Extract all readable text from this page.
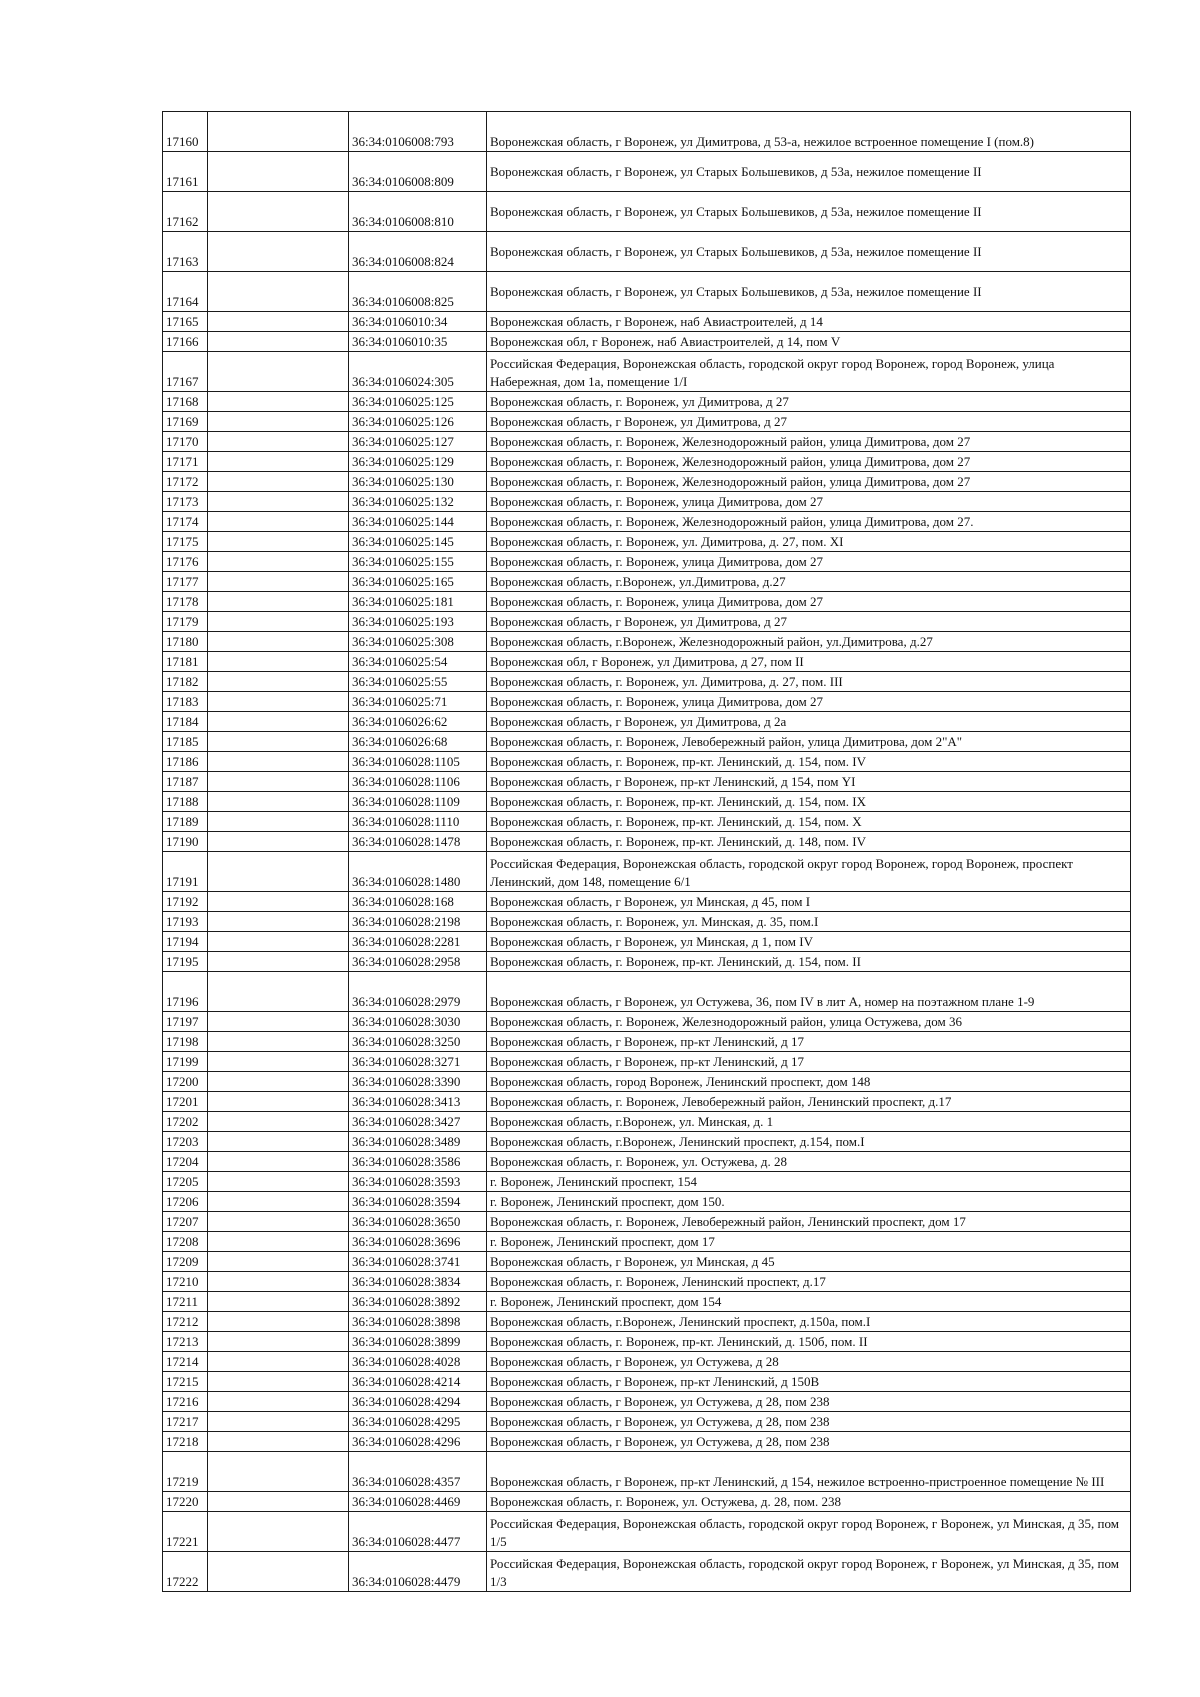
17160		36:34:0106008:793	Воронежская область, г Воронеж, ул Димитрова, д 53-а, нежилое встроенное помещение I (пом.8)
17161		36:34:0106008:809	Воронежская область, г Воронеж, ул Старых Большевиков, д 53а, нежилое помещение II
17162		36:34:0106008:810	Воронежская область, г Воронеж, ул Старых Большевиков, д 53а, нежилое помещение II
17163		36:34:0106008:824	Воронежская область, г Воронеж, ул Старых Большевиков, д 53а, нежилое помещение II
17164		36:34:0106008:825	Воронежская область, г Воронеж, ул Старых Большевиков, д 53а, нежилое помещение II
17165		36:34:0106010:34	Воронежская область, г Воронеж, наб Авиастроителей, д 14
17166		36:34:0106010:35	Воронежская обл, г Воронеж, наб Авиастроителей, д 14, пом V
17167		36:34:0106024:305	Российская Федерация, Воронежская область, городской округ город Воронеж, город Воронеж, улица Набережная, дом 1а, помещение 1/I
17168		36:34:0106025:125	Воронежская область, г. Воронеж, ул Димитрова, д 27
17169		36:34:0106025:126	Воронежская область, г Воронеж, ул Димитрова, д 27
17170		36:34:0106025:127	Воронежская область, г. Воронеж, Железнодорожный район, улица Димитрова, дом 27
17171		36:34:0106025:129	Воронежская область, г. Воронеж, Железнодорожный район, улица Димитрова, дом 27
17172		36:34:0106025:130	Воронежская область, г. Воронеж, Железнодорожный район, улица Димитрова, дом 27
17173		36:34:0106025:132	Воронежская область, г. Воронеж, улица Димитрова, дом 27
17174		36:34:0106025:144	Воронежская область, г. Воронеж, Железнодорожный район, улица Димитрова, дом 27.
17175		36:34:0106025:145	Воронежская область, г. Воронеж, ул. Димитрова, д. 27, пом. XI
17176		36:34:0106025:155	Воронежская область, г. Воронеж, улица Димитрова, дом 27
17177		36:34:0106025:165	Воронежская область, г.Воронеж, ул.Димитрова, д.27
17178		36:34:0106025:181	Воронежская область, г. Воронеж, улица Димитрова, дом 27
17179		36:34:0106025:193	Воронежская область, г Воронеж, ул Димитрова, д 27
17180		36:34:0106025:308	Воронежская область, г.Воронеж, Железнодорожный район, ул.Димитрова, д.27
17181		36:34:0106025:54	Воронежская обл, г Воронеж, ул Димитрова, д 27, пом II
17182		36:34:0106025:55	Воронежская область, г. Воронеж, ул. Димитрова, д. 27, пом. III
17183		36:34:0106025:71	Воронежская область, г. Воронеж, улица Димитрова, дом 27
17184		36:34:0106026:62	Воронежская область, г Воронеж, ул Димитрова, д 2а
17185		36:34:0106026:68	Воронежская область, г. Воронеж, Левобережный район, улица Димитрова, дом 2"А"
17186		36:34:0106028:1105	Воронежская область, г. Воронеж, пр-кт. Ленинский, д. 154, пом. IV
17187		36:34:0106028:1106	Воронежская область, г Воронеж, пр-кт Ленинский, д 154, пом YI
17188		36:34:0106028:1109	Воронежская область, г. Воронеж, пр-кт. Ленинский, д. 154, пом. IX
17189		36:34:0106028:1110	Воронежская область, г. Воронеж, пр-кт. Ленинский, д. 154, пом. X
17190		36:34:0106028:1478	Воронежская область, г. Воронеж, пр-кт. Ленинский, д. 148, пом. IV
17191		36:34:0106028:1480	Российская Федерация, Воронежская область, городской округ город Воронеж, город Воронеж, проспект Ленинский, дом 148, помещение 6/1
17192		36:34:0106028:168	Воронежская область, г Воронеж, ул Минская, д 45, пом I
17193		36:34:0106028:2198	Воронежская область, г. Воронеж, ул. Минская, д. 35, пом.I
17194		36:34:0106028:2281	Воронежская область, г Воронеж, ул Минская, д 1, пом IV
17195		36:34:0106028:2958	Воронежская область, г. Воронеж, пр-кт. Ленинский, д. 154, пом. II
17196		36:34:0106028:2979	Воронежская область, г Воронеж, ул Остужева, 36, пом IV в лит А, номер на поэтажном плане 1-9
17197		36:34:0106028:3030	Воронежская область, г. Воронеж, Железнодорожный район, улица Остужева, дом 36
17198		36:34:0106028:3250	Воронежская область, г Воронеж, пр-кт Ленинский, д 17
17199		36:34:0106028:3271	Воронежская область, г Воронеж, пр-кт Ленинский, д 17
17200		36:34:0106028:3390	Воронежская область, город Воронеж, Ленинский проспект, дом 148
17201		36:34:0106028:3413	Воронежская область, г. Воронеж, Левобережный район, Ленинский проспект, д.17
17202		36:34:0106028:3427	Воронежская область, г.Воронеж, ул. Минская, д. 1
17203		36:34:0106028:3489	Воронежская область, г.Воронеж, Ленинский проспект, д.154, пом.I
17204		36:34:0106028:3586	Воронежская область, г. Воронеж, ул. Остужева, д. 28
17205		36:34:0106028:3593	г. Воронеж, Ленинский проспект, 154
17206		36:34:0106028:3594	г. Воронеж, Ленинский проспект, дом 150.
17207		36:34:0106028:3650	Воронежская область, г. Воронеж, Левобережный район, Ленинский проспект, дом 17
17208		36:34:0106028:3696	г. Воронеж, Ленинский проспект, дом 17
17209		36:34:0106028:3741	Воронежская область, г Воронеж, ул Минская, д 45
17210		36:34:0106028:3834	Воронежская область, г. Воронеж, Ленинский проспект, д.17
17211		36:34:0106028:3892	г. Воронеж, Ленинский проспект, дом 154
17212		36:34:0106028:3898	Воронежская область, г.Воронеж, Ленинский проспект, д.150а, пом.I
17213		36:34:0106028:3899	Воронежская область, г. Воронеж, пр-кт. Ленинский, д. 150б, пом. II
17214		36:34:0106028:4028	Воронежская область, г Воронеж, ул Остужева, д 28
17215		36:34:0106028:4214	Воронежская область, г Воронеж, пр-кт Ленинский, д 150В
17216		36:34:0106028:4294	Воронежская область, г Воронеж, ул Остужева, д 28, пом 238
17217		36:34:0106028:4295	Воронежская область, г Воронеж, ул Остужева, д 28, пом 238
17218		36:34:0106028:4296	Воронежская область, г Воронеж, ул Остужева, д 28, пом 238
17219		36:34:0106028:4357	Воронежская область, г Воронеж, пр-кт Ленинский, д 154, нежилое встроенно-пристроенное помещение № III
17220		36:34:0106028:4469	Воронежская область, г. Воронеж, ул. Остужева, д. 28, пом. 238
17221		36:34:0106028:4477	Российская Федерация, Воронежская область, городской округ город Воронеж, г Воронеж, ул Минская, д 35, пом 1/5
17222		36:34:0106028:4479	Российская Федерация, Воронежская область, городской округ город Воронеж, г Воронеж, ул Минская, д 35, пом 1/3
